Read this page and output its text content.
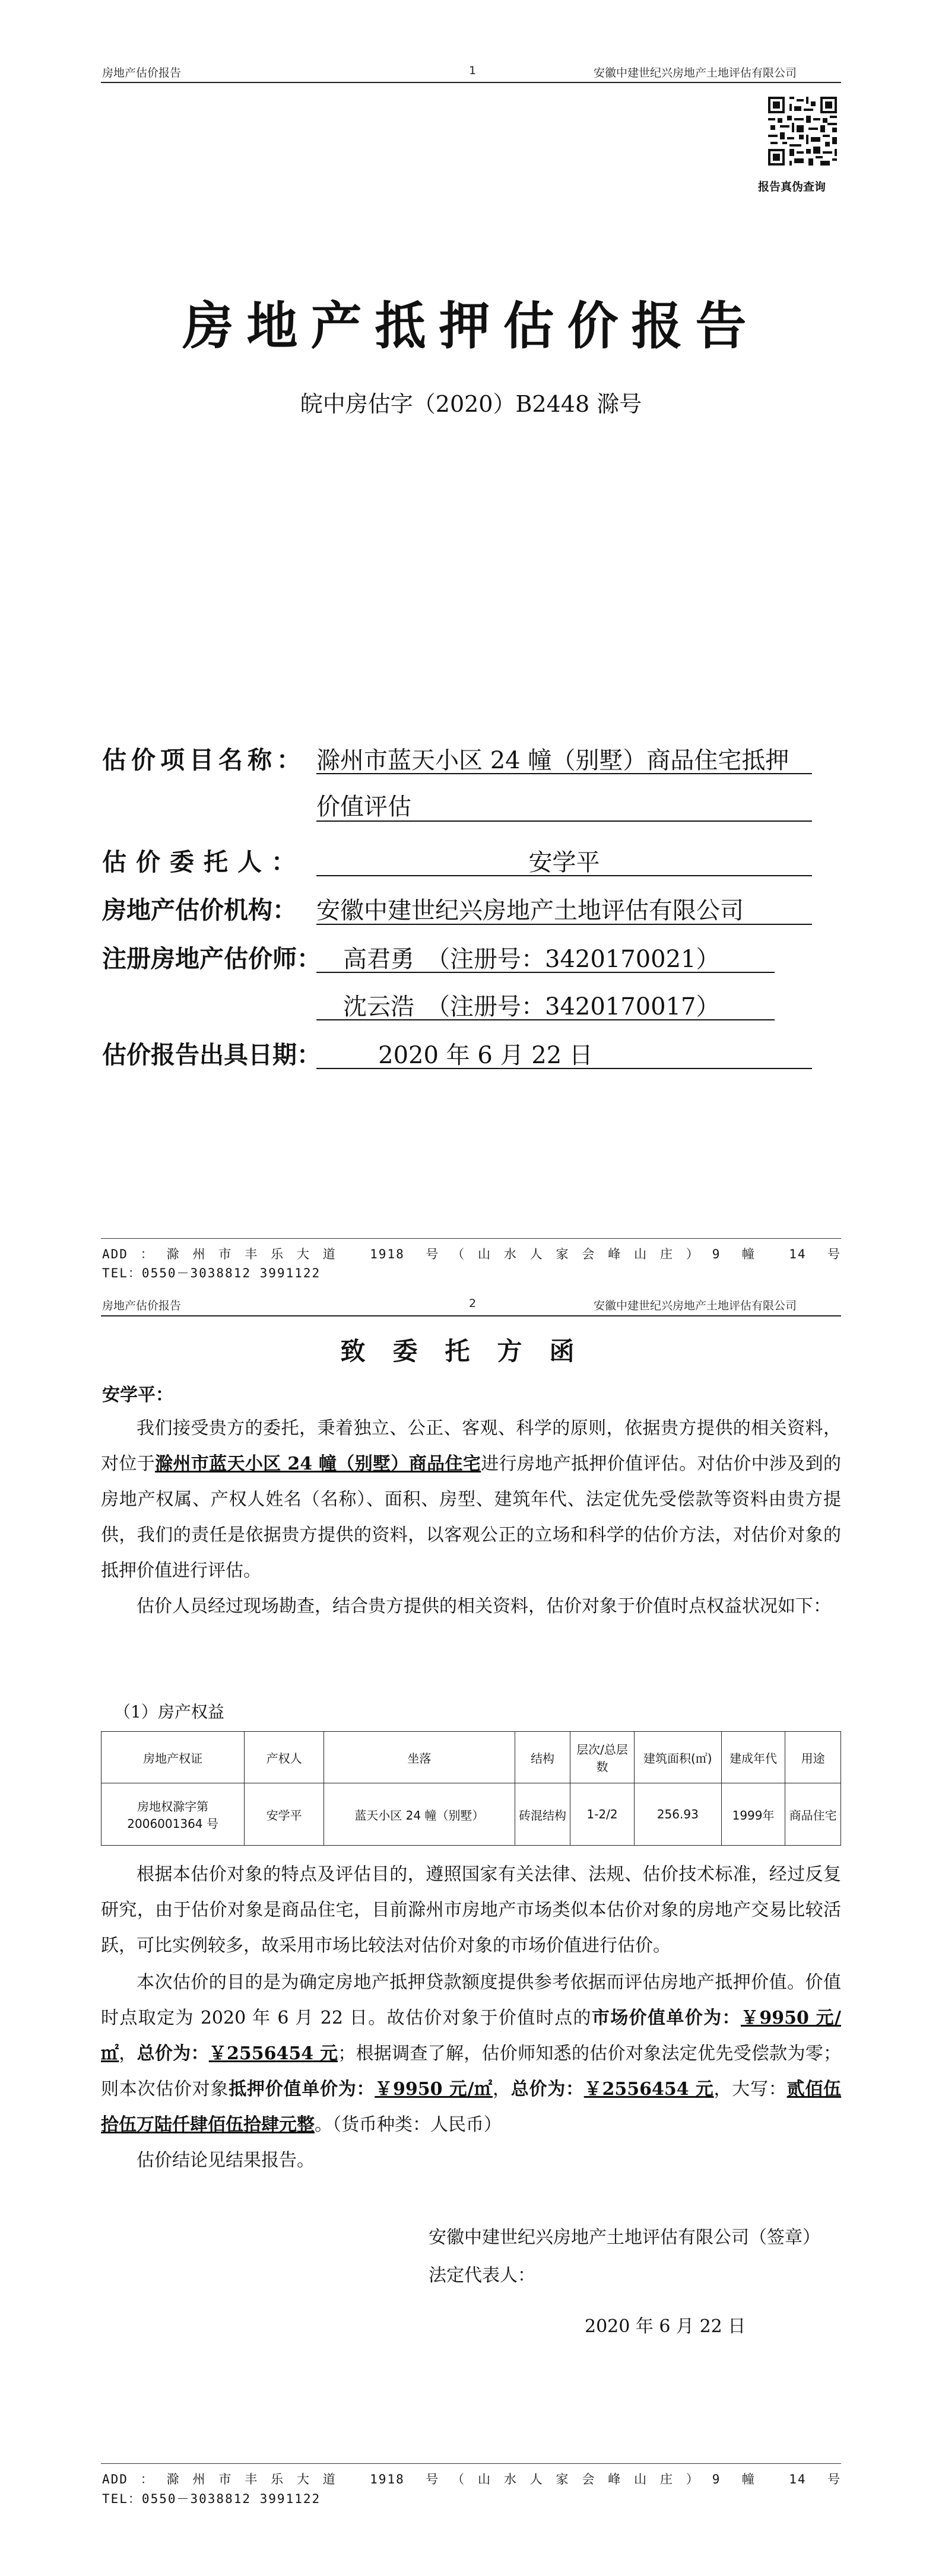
房地产估价报告	1	安徽中建世纪兴房地产土地评估有限公司
报告真伪查询
房地产抵押估价报告
皖中房估字（2020）B2448 滁号
估价项目名称： 滁州市蓝天小区 24 幢（别墅）商品住宅抵押
价值评估
估价委托人：	安学平
房地产估价机构： 安徽中建世纪兴房地产土地评估有限公司
注册房地产估价师： 高君勇　（注册号：3420170021）
沈云浩　（注册号：3420170017）
估价报告出具日期：	2020 年 6 月 22 日
ADD：滁州市丰乐大道 1918 号（山水人家会峰山庄）9 幢 14 号
TEL：0550－3038812 3991122
房地产估价报告	2	安徽中建世纪兴房地产土地评估有限公司
致委托方函
安学平：
我们接受贵方的委托，秉着独立、公正、客观、科学的原则，依据贵方提供的相关资料，对位于滁州市蓝天小区 24 幢（别墅）商品住宅进行房地产抵押价值评估。对估价中涉及到的房地产权属、产权人姓名（名称）、面积、房型、建筑年代、法定优先受偿款等资料由贵方提供，我们的责任是依据贵方提供的资料，以客观公正的立场和科学的估价方法，对估价对象的抵押价值进行评估。
估价人员经过现场勘查，结合贵方提供的相关资料，估价对象于价值时点权益状况如下：
（1）房产权益
房地产权证	产权人	坐落	结构	层次/总层数	建筑面积(㎡)	建成年代	用途
房地权滁字第2006001364 号	安学平	蓝天小区 24 幢（别墅）	砖混结构	1-2/2	256.93	1999年	商品住宅
根据本估价对象的特点及评估目的，遵照国家有关法律、法规、估价技术标准，经过反复研究，由于估价对象是商品住宅，目前滁州市房地产市场类似本估价对象的房地产交易比较活跃，可比实例较多，故采用市场比较法对估价对象的市场价值进行估价。
本次估价的目的是为确定房地产抵押贷款额度提供参考依据而评估房地产抵押价值。价值时点取定为 2020 年 6 月 22 日。故估价对象于价值时点的市场价值单价为：￥9950 元/㎡，总价为：￥2556454 元；根据调查了解，估价师知悉的估价对象法定优先受偿款为零；则本次估价对象抵押价值单价为：￥9950 元/㎡，总价为：￥2556454 元，大写：贰佰伍拾伍万陆仟肆佰伍拾肆元整。（货币种类：人民币）
估价结论见结果报告。
安徽中建世纪兴房地产土地评估有限公司（签章）
法定代表人：
2020 年 6 月 22 日
ADD：滁州市丰乐大道 1918 号（山水人家会峰山庄）9 幢 14 号
TEL：0550－3038812 3991122
